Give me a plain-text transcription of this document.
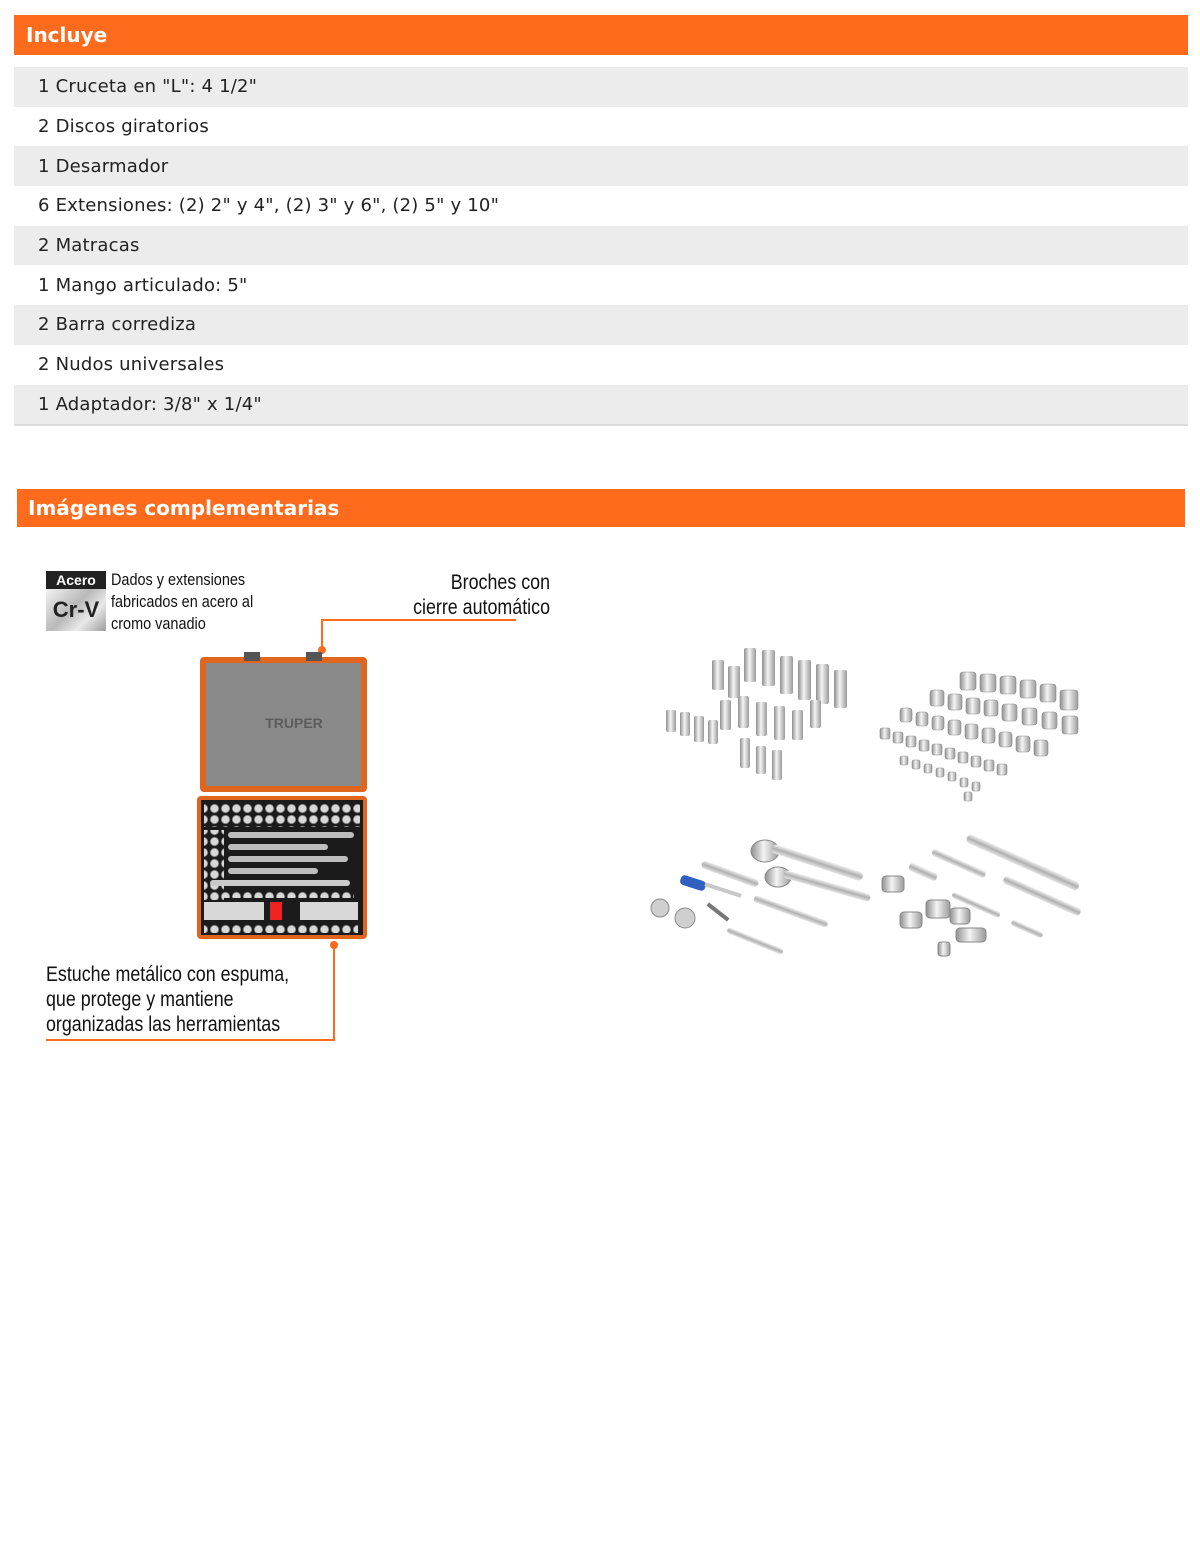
Incluye
1 Cruceta en "L": 4 1/2"
2 Discos giratorios
1 Desarmador
6 Extensiones: (2) 2" y 4", (2) 3" y 6", (2) 5" y 10"
2 Matracas
1 Mango articulado: 5"
2 Barra corrediza
2 Nudos universales
1 Adaptador: 3/8" x 1/4"
Imágenes complementarias
Acero
Cr-V
Dados y extensiones
fabricados en acero al
cromo vanadio
Broches con
cierre automático
Estuche metálico con espuma,
que protege y mantiene
organizadas las herramientas
TRUPER
